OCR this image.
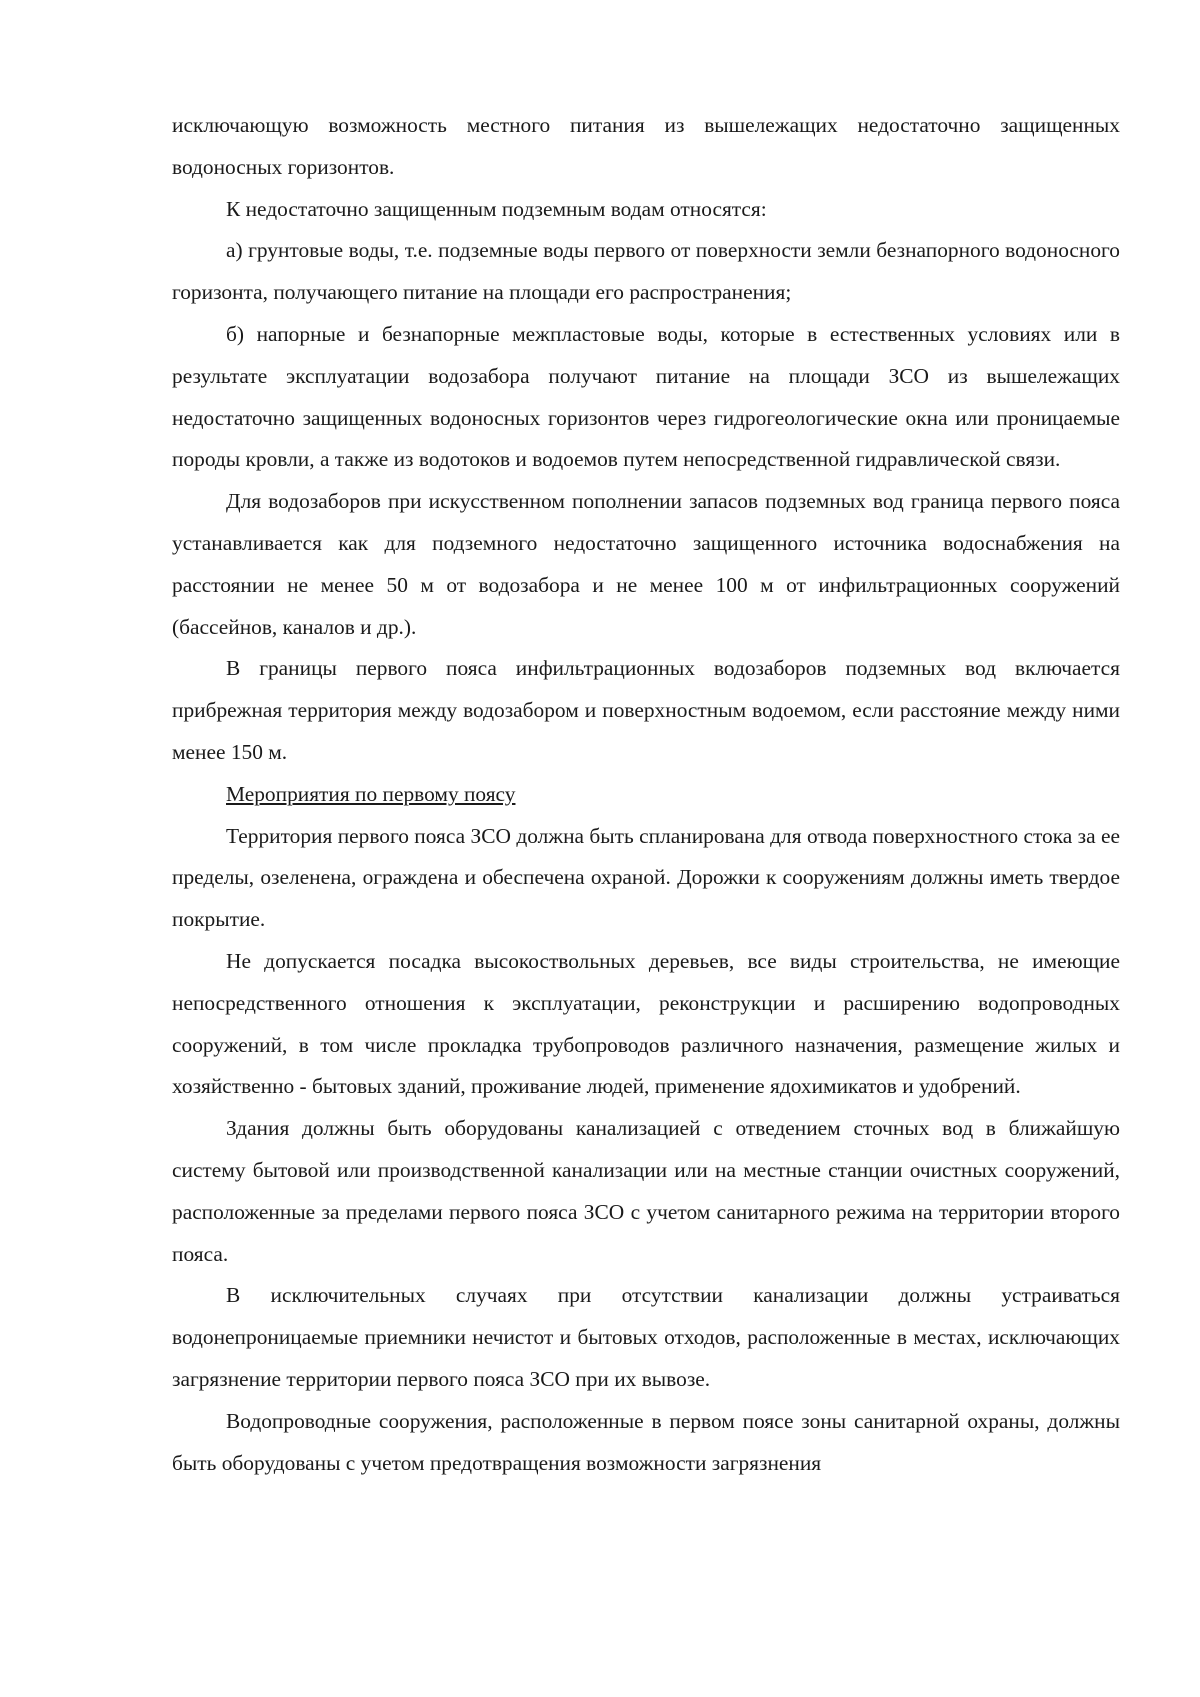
исключающую возможность местного питания из вышележащих недостаточно защищенных водоносных горизонтов.

К недостаточно защищенным подземным водам относятся:

а) грунтовые воды, т.е. подземные воды первого от поверхности земли безнапорного водоносного горизонта, получающего питание на площади его распространения;

б) напорные и безнапорные межпластовые воды, которые в естественных условиях или в результате эксплуатации водозабора получают питание на площади ЗСО из вышележащих недостаточно защищенных водоносных горизонтов через гидрогеологические окна или проницаемые породы кровли, а также из водотоков и водоемов путем непосредственной гидравлической связи.

Для водозаборов при искусственном пополнении запасов подземных вод граница первого пояса устанавливается как для подземного недостаточно защищенного источника водоснабжения на расстоянии не менее 50 м от водозабора и не менее 100 м от инфильтрационных сооружений (бассейнов, каналов и др.).

В границы первого пояса инфильтрационных водозаборов подземных вод включается прибрежная территория между водозабором и поверхностным водоемом, если расстояние между ними менее 150 м.

Мероприятия по первому поясу

Территория первого пояса ЗСО должна быть спланирована для отвода поверхностного стока за ее пределы, озеленена, ограждена и обеспечена охраной. Дорожки к сооружениям должны иметь твердое покрытие.

Не допускается посадка высокоствольных деревьев, все виды строительства, не имеющие непосредственного отношения к эксплуатации, реконструкции и расширению водопроводных сооружений, в том числе прокладка трубопроводов различного назначения, размещение жилых и хозяйственно - бытовых зданий, проживание людей, применение ядохимикатов и удобрений.

Здания должны быть оборудованы канализацией с отведением сточных вод в ближайшую систему бытовой или производственной канализации или на местные станции очистных сооружений, расположенные за пределами первого пояса ЗСО с учетом санитарного режима на территории второго пояса.

В исключительных случаях при отсутствии канализации должны устраиваться водонепроницаемые приемники нечистот и бытовых отходов, расположенные в местах, исключающих загрязнение территории первого пояса ЗСО при их вывозе.

Водопроводные сооружения, расположенные в первом поясе зоны санитарной охраны, должны быть оборудованы с учетом предотвращения возможности загрязнения
